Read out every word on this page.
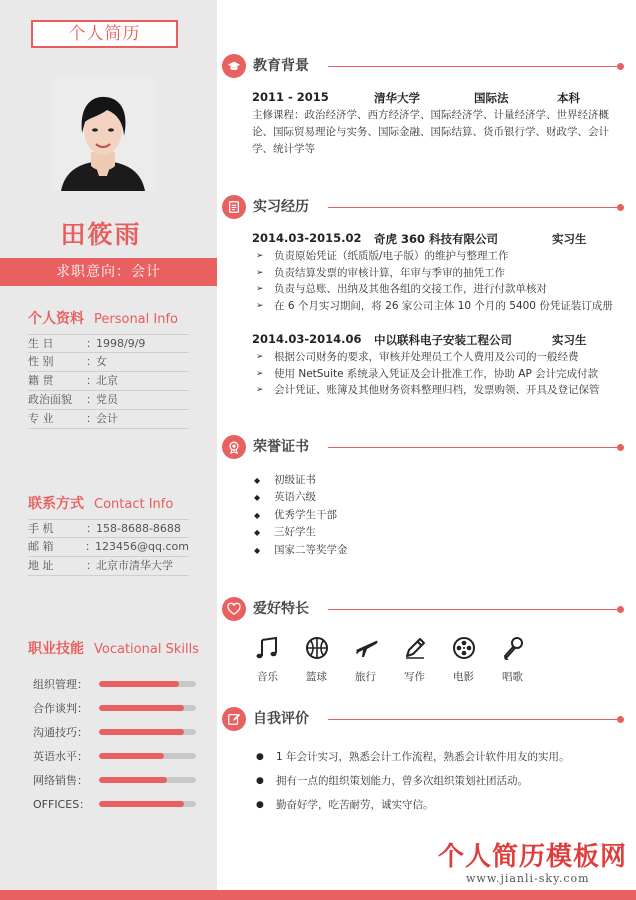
个人简历
田筱雨
求职意向：会计
个人资料 Personal Info
生 日	： 1998/9/9
性 别	： 女
籍 贯	： 北京
政治面貌	： 党员
专 业	： 会计
联系方式 Contact Info
手 机	： 158-8688-8688
邮 箱	： 123456@qq.com
地 址	： 北京市清华大学
职业技能 Vocational Skills
组织管理：
合作谈判：
沟通技巧：
英语水平：
网络销售：
OFFICES：
教育背景
2011 - 2015	清华大学	国际法	本科
主修课程：政治经济学、西方经济学、国际经济学、计量经济学、世界经济概论、国际贸易理论与实务、国际金融、国际结算、货币银行学、财政学、会计学、统计学等
实习经历
2014.03-2015.02 奇虎 360 科技有限公司	实习生
➢ 负责原始凭证（纸质版/电子版）的维护与整理工作
➢ 负责结算发票的审核计算，年审与季审的抽凭工作
➢ 负责与总账、出纳及其他各组的交接工作，进行付款单核对
➢ 在 6 个月实习期间，将 26 家公司主体 10 个月的 5400 份凭证装订成册
2014.03-2014.06 中以联科电子安装工程公司	实习生
➢ 根据公司财务的要求，审核并处理员工个人费用及公司的一般经费
➢ 使用 NetSuite 系统录入凭证及会计批准工作，协助 AP 会计完成付款
➢ 会计凭证、账簿及其他财务资料整理归档，发票购领、开具及登记保管
荣誉证书
◆ 初级证书
◆ 英语六级
◆ 优秀学生干部
◆ 三好学生
◆ 国家二等奖学金
爱好特长
音乐	篮球	旅行	写作	电影	唱歌
自我评价
● 1 年会计实习，熟悉会计工作流程，熟悉会计软件用友的实用。
● 拥有一点的组织策划能力，曾多次组织策划社团活动。
● 勤奋好学，吃苦耐劳，诚实守信。
个人简历模板网
www.jianli-sky.com
